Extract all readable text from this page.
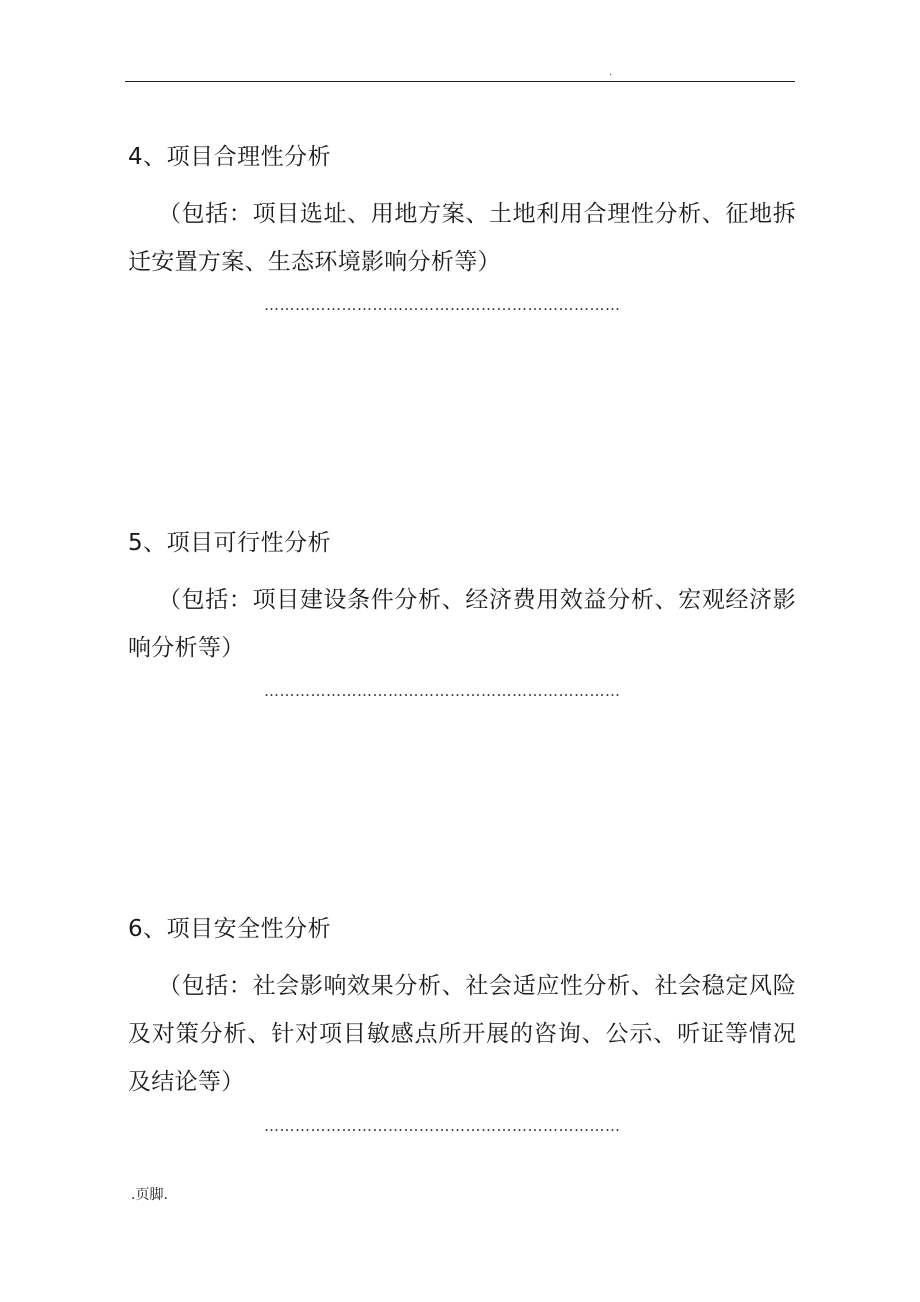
.
4、项目合理性分析
（包括：项目选址、用地方案、土地利用合理性分析、征地拆迁安置方案、生态环境影响分析等）
……………………………………………………………
5、项目可行性分析
（包括：项目建设条件分析、经济费用效益分析、宏观经济影响分析等）
……………………………………………………………
6、项目安全性分析
（包括：社会影响效果分析、社会适应性分析、社会稳定风险及对策分析、针对项目敏感点所开展的咨询、公示、听证等情况及结论等）
……………………………………………………………
.页脚.
